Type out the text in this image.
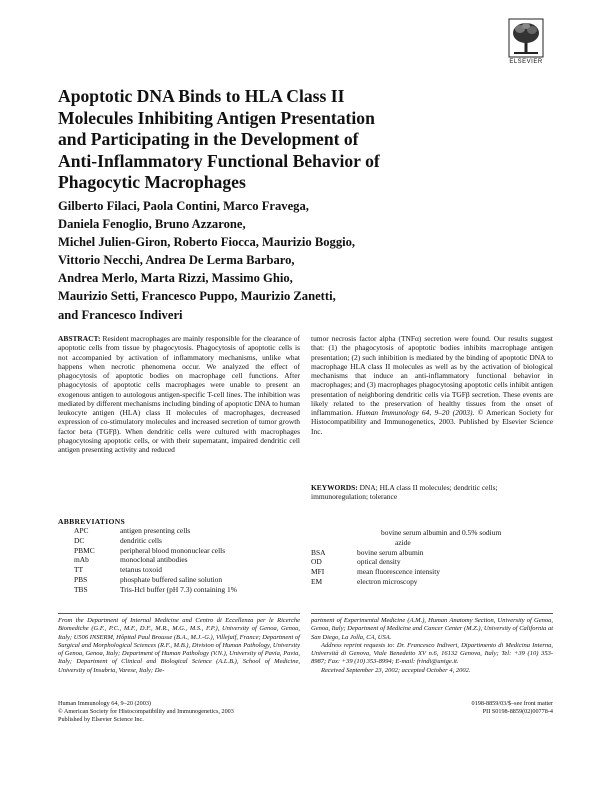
ELSEVIER
Apoptotic DNA Binds to HLA Class II
Molecules Inhibiting Antigen Presentation
and Participating in the Development of
Anti-Inflammatory Functional Behavior of
Phagocytic Macrophages
Gilberto Filaci, Paola Contini, Marco Fravega,
Daniela Fenoglio, Bruno Azzarone,
Michel Julien-Giron, Roberto Fiocca, Maurizio Boggio,
Vittorio Necchi, Andrea De Lerma Barbaro,
Andrea Merlo, Marta Rizzi, Massimo Ghio,
Maurizio Setti, Francesco Puppo, Maurizio Zanetti,
and Francesco Indiveri
ABSTRACT: Resident macrophages are mainly responsible for the clearance of apoptotic cells from tissue by phagocytosis. Phagocytosis of apoptotic cells is not accompanied by activation of inflammatory mechanisms, unlike what happens when necrotic phenomena occur. We analyzed the effect of phagocytosis of apoptotic bodies on macrophage cell functions. After phagocytosis of apoptotic cells macrophages were unable to present an exogenous antigen to autologous antigen-specific T-cell lines. The inhibition was mediated by different mechanisms including binding of apoptotic DNA to human leukocyte antigen (HLA) class II molecules of macrophages, decreased expression of co-stimulatory molecules and increased secretion of tumor growth factor beta (TGFβ). When dendritic cells were cultured with macrophages phagocytosing apoptotic cells, or with their supernatant, impaired dendritic cell antigen presenting activity and reduced
tumor necrosis factor alpha (TNFα) secretion were found. Our results suggest that: (1) the phagocytosis of apoptotic bodies inhibits macrophage antigen presentation; (2) such inhibition is mediated by the binding of apoptotic DNA to macrophage HLA class II molecules as well as by the activation of biological mechanisms that induce an anti-inflammatory functional behavior in macrophages; and (3) macrophages phagocytosing apoptotic cells inhibit antigen presentation of neighboring dendritic cells via TGFβ secretion. These events are likely related to the preservation of healthy tissues from the onset of inflammation. Human Immunology 64, 9–20 (2003). © American Society for Histocompatibility and Immunogenetics, 2003. Published by Elsevier Science Inc.
KEYWORDS: DNA; HLA class II molecules; dendritic cells; immunoregulation; tolerance
ABBREVIATIONS
APC	antigen presenting cells
DC	dendritic cells
PBMC	peripheral blood mononuclear cells
mAb	monoclonal antibodies
TT	tetanus toxoid
PBS	phosphate buffered saline solution
TBS	Tris-Hcl buffer (pH 7.3) containing 1%
bovine serum albumin and 0.5% sodium
azide
BSA	bovine serum albumin
OD	optical density
MFI	mean fluorescence intensity
EM	electron microscopy
From the Department of Internal Medicine and Centro di Eccellenza per le Ricerche Biomediche (G.F., P.C., M.F., D.F., M.R., M.G., M.S., F.P.), University of Genoa, Genoa, Italy; U506 INSERM, Hôpital Paul Brousse (B.A., M.J.-G.), Villejuif, France; Department of Surgical and Morphological Sciences (R.F., M.B.), Division of Human Pathology, University of Genoa, Genoa, Italy; Department of Human Pathology (V.N.), University of Pavia, Pavia, Italy; Department of Clinical and Biological Science (A.L.B.), School of Medicine, University of Insubria, Varese, Italy; De-
partment of Experimental Medicine (A.M.), Human Anatomy Section, University of Genoa, Genoa, Italy; Department of Medicine and Cancer Center (M.Z.), University of California at San Diego, La Jolla, CA, USA.
Address reprint requests to: Dr. Francesco Indiveri, Dipartimento di Medicina Interna, Università di Genova, Viale Benedetto XV n.6, 16132 Genova, Italy; Tel: +39 (10) 353-8987; Fax: +39 (10) 353-8994; E-mail: frindi@unige.it.
Received September 23, 2002; accepted October 4, 2002.
Human Immunology 64, 9–20 (2003)
© American Society for Histocompatibility and Immunogenetics, 2003
Published by Elsevier Science Inc.
0198-8859/03/$–see front matter
PII S0198-8859(02)00778-4
